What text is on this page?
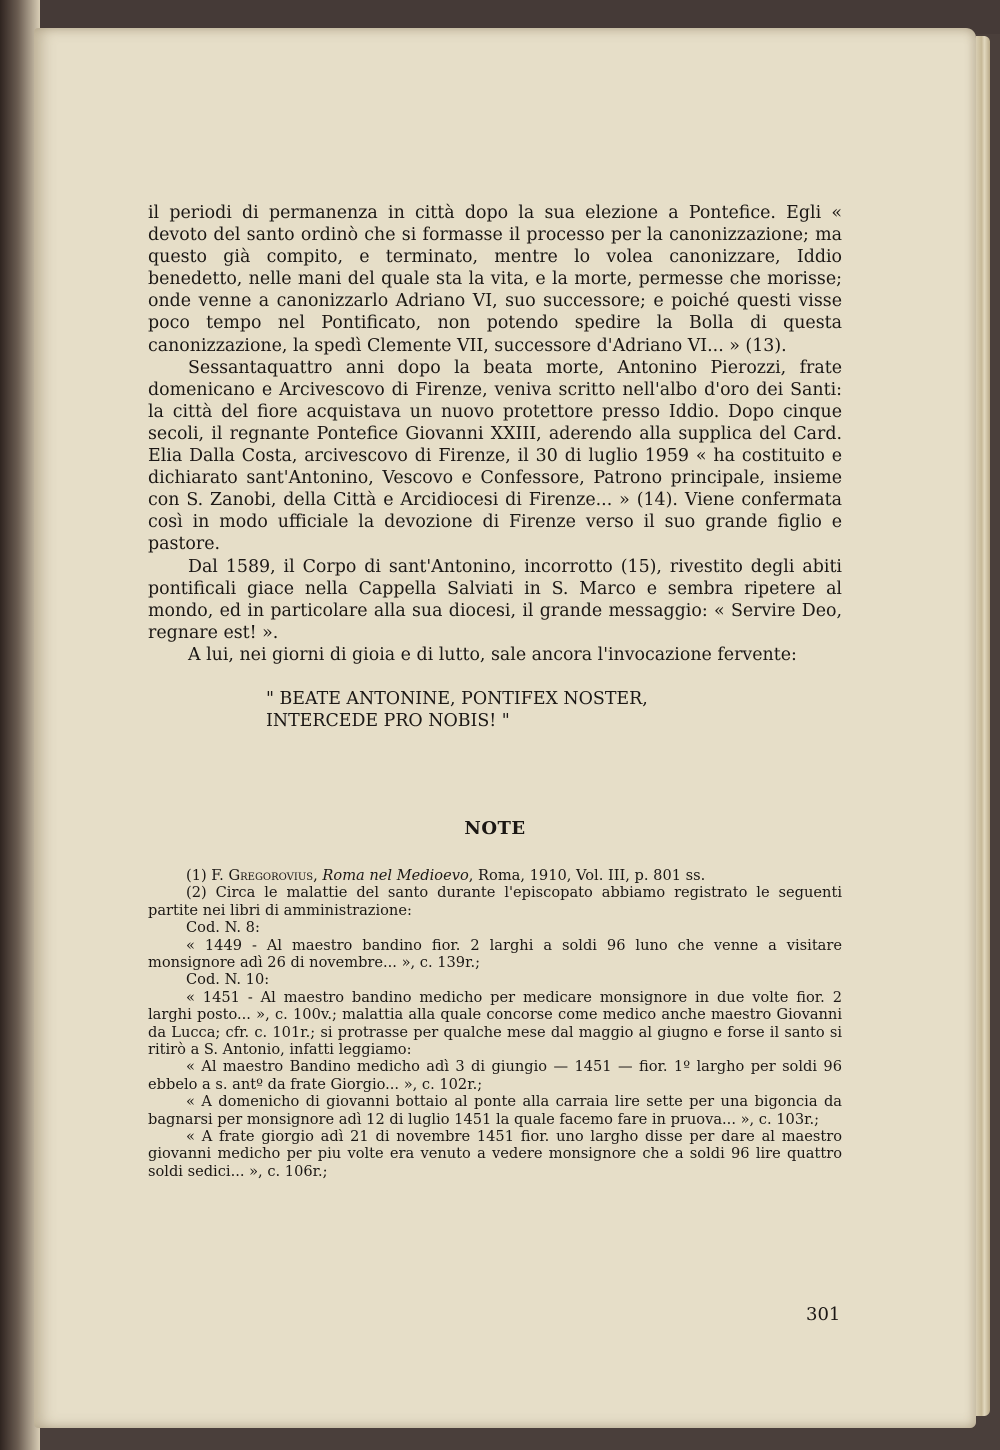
il periodi di permanenza in città dopo la sua elezione a Pontefice. Egli « devoto del santo ordinò che si formasse il processo per la canonizzazione; ma questo già compito, e terminato, mentre lo volea canonizzare, Iddio benedetto, nelle mani del quale sta la vita, e la morte, permesse che morisse; onde venne a canonizzarlo Adriano VI, suo successore; e poiché questi visse poco tempo nel Pontificato, non potendo spedire la Bolla di questa canonizzazione, la spedì Clemente VII, successore d'Adriano VI... » (13).

Sessantaquattro anni dopo la beata morte, Antonino Pierozzi, frate domenicano e Arcivescovo di Firenze, veniva scritto nell'albo d'oro dei Santi: la città del fiore acquistava un nuovo protettore presso Iddio. Dopo cinque secoli, il regnante Pontefice Giovanni XXIII, aderendo alla supplica del Card. Elia Dalla Costa, arcivescovo di Firenze, il 30 di luglio 1959 « ha costituito e dichiarato sant'Antonino, Vescovo e Confessore, Patrono principale, insieme con S. Zanobi, della Città e Arcidiocesi di Firenze... » (14). Viene confermata così in modo ufficiale la devozione di Firenze verso il suo grande figlio e pastore.

Dal 1589, il Corpo di sant'Antonino, incorrotto (15), rivestito degli abiti pontificali giace nella Cappella Salviati in S. Marco e sembra ripetere al mondo, ed in particolare alla sua diocesi, il grande messaggio: « Servire Deo, regnare est! ».

A lui, nei giorni di gioia e di lutto, sale ancora l'invocazione fervente:

" BEATE ANTONINE, PONTIFEX NOSTER,
INTERCEDE PRO NOBIS! "
NOTE

(1) F. Gregorovius, Roma nel Medioevo, Roma, 1910, Vol. III, p. 801 ss.

(2) Circa le malattie del santo durante l'episcopato abbiamo registrato le seguenti partite nei libri di amministrazione:

Cod. N. 8:

« 1449 - Al maestro bandino fior. 2 larghi a soldi 96 luno che venne a visitare monsignore adì 26 di novembre... », c. 139r.;

Cod. N. 10:

« 1451 - Al maestro bandino medicho per medicare monsignore in due volte fior. 2 larghi posto... », c. 100v.; malattia alla quale concorse come medico anche maestro Giovanni da Lucca; cfr. c. 101r.; si protrasse per qualche mese dal maggio al giugno e forse il santo si ritirò a S. Antonio, infatti leggiamo:

« Al maestro Bandino medicho adì 3 di giungio — 1451 — fior. 1º largho per soldi 96 ebbelo a s. antº da frate Giorgio... », c. 102r.;

« A domenicho di giovanni bottaio al ponte alla carraia lire sette per una bigoncia da bagnarsi per monsignore adì 12 di luglio 1451 la quale facemo fare in pruova... », c. 103r.;

« A frate giorgio adì 21 di novembre 1451 fior. uno largho disse per dare al maestro giovanni medicho per piu volte era venuto a vedere monsignore che a soldi 96 lire quattro soldi sedici... », c. 106r.;

301
